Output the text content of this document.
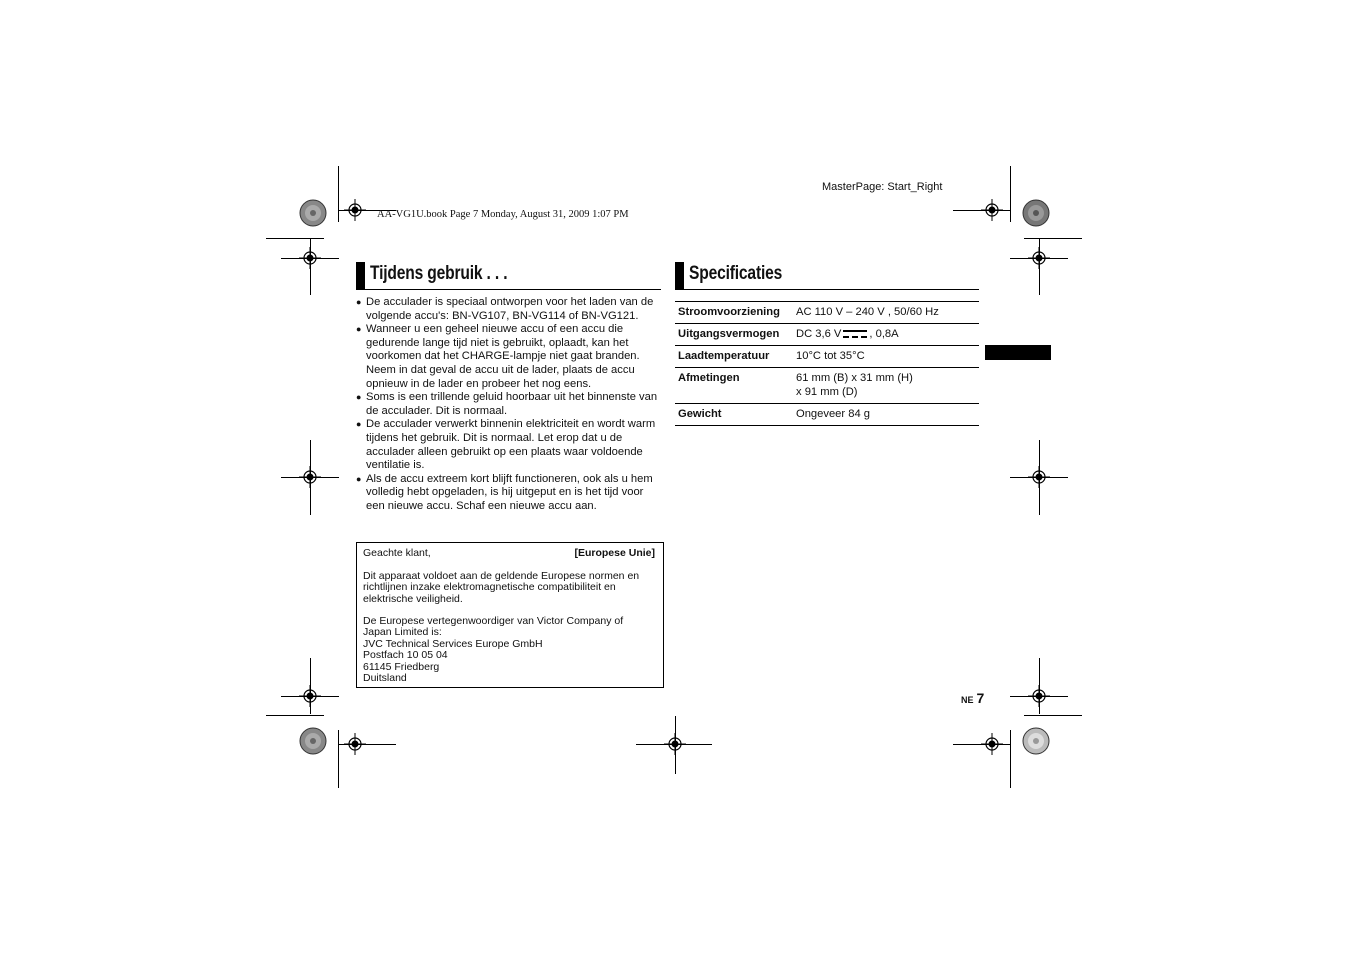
MasterPage: Start_Right
AA-VG1U.book Page 7 Monday, August 31, 2009 1:07 PM
Tijdens gebruik . . .
● De acculader is speciaal ontworpen voor het laden van de volgende accu's: BN-VG107, BN-VG114 of BN-VG121.
● Wanneer u een geheel nieuwe accu of een accu die gedurende lange tijd niet is gebruikt, oplaadt, kan het voorkomen dat het CHARGE-lampje niet gaat branden. Neem in dat geval de accu uit de lader, plaats de accu opnieuw in de lader en probeer het nog eens.
● Soms is een trillende geluid hoorbaar uit het binnenste van de acculader. Dit is normaal.
● De acculader verwerkt binnenin elektriciteit en wordt warm tijdens het gebruik. Dit is normaal. Let erop dat u de acculader alleen gebruikt op een plaats waar voldoende ventilatie is.
● Als de accu extreem kort blijft functioneren, ook als u hem volledig hebt opgeladen, is hij uitgeput en is het tijd voor een nieuwe accu. Schaf een nieuwe accu aan.
Geachte klant,	[Europese Unie]
Dit apparaat voldoet aan de geldende Europese normen en richtlijnen inzake elektromagnetische compatibiliteit en elektrische veiligheid.
De Europese vertegenwoordiger van Victor Company of
Japan Limited is:
JVC Technical Services Europe GmbH
Postfach 10 05 04
61145 Friedberg
Duitsland
Specificaties
Stroomvoorziening	AC 110 V – 240 V , 50/60 Hz
Uitgangsvermogen	DC 3,6 V , 0,8A
Laadtemperatuur	10°C tot 35°C
Afmetingen	61 mm (B) x 31 mm (H)
x 91 mm (D)

Gewicht	Ongeveer 84 g
NE 7
